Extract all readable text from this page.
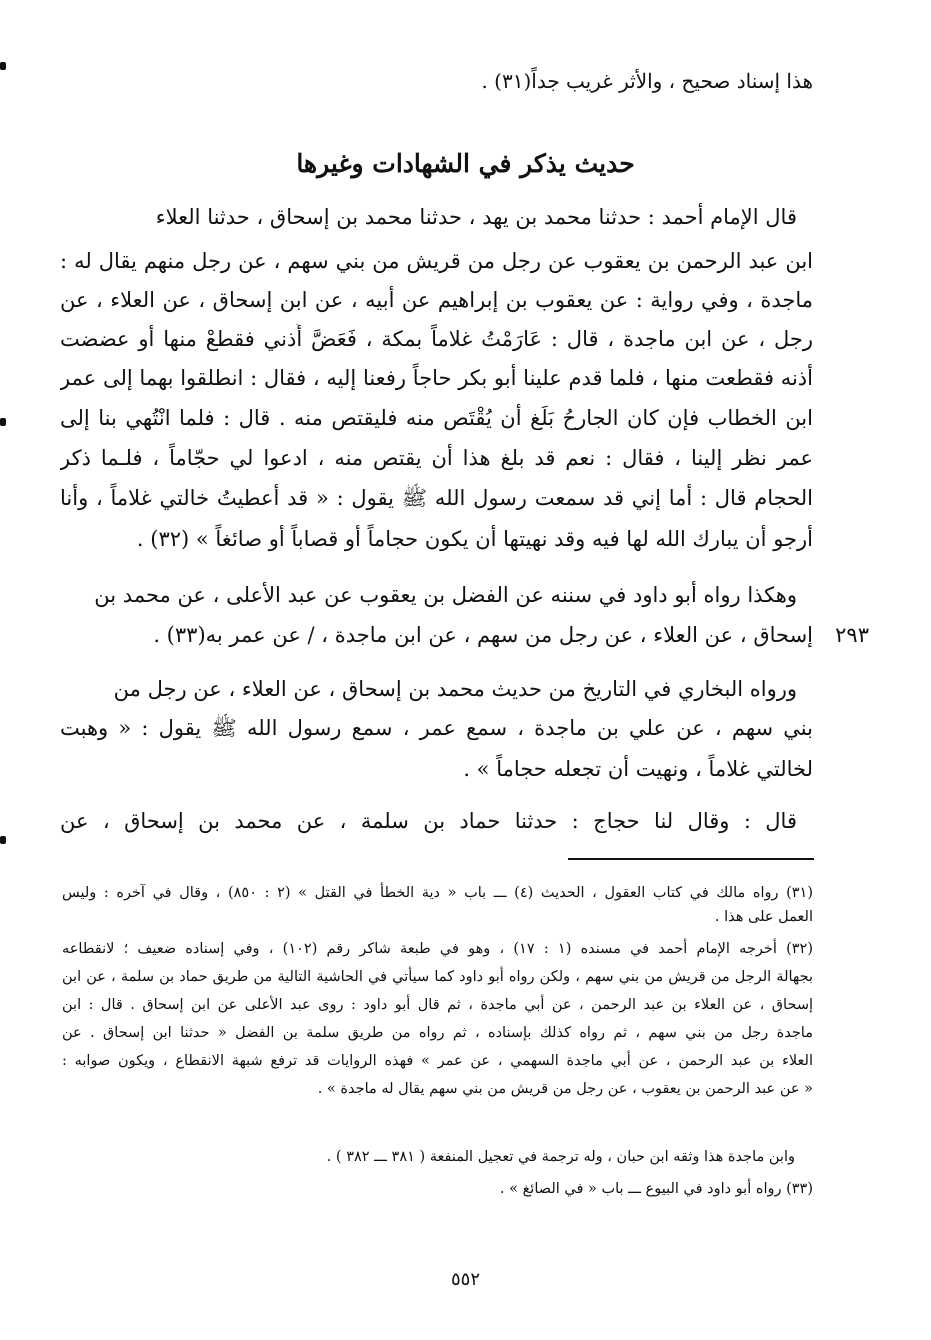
هذا إسناد صحيح ، والأثر غريب جداً(٣١) .
حديث يذكر في الشهادات وغيرها
قال الإمام أحمد : حدثنا محمد بن يهد ، حدثنا محمد بن إسحاق ، حدثنا العلاء
ابن عبد الرحمن بن يعقوب عن رجل من قريش من بني سهم ، عن رجل منهم يقال له :
ماجدة ، وفي رواية : عن يعقوب بن إبراهيم عن أبيه ، عن ابن إسحاق ، عن العلاء ، عن
رجل ، عن ابن ماجدة ، قال : عَارَمْتُ غلاماً بمكة ، فَعَضَّ أُذني فقطعْ منها أو عضضت
أذنه فقطعت منها ، فلما قدم علينا أبو بكر حاجاً رفعنا إليه ، فقال : انطلقوا بهما إلى عمر
ابن الخطاب فإن كان الجارحُ بَلَغ أن يُقْتَص منه فليقتص منه . قال : فلما انْتُهي بنا إلى
عمر نظر إلينا ، فقال : نعم قد بلغ هذا أن يقتص منه ، ادعوا لي حجّاماً ، فلـما ذكر
الحجام قال : أما إني قد سمعت رسول الله ﷺ يقول : « قد أعطيتُ خالتي غلاماً ، وأنا
أرجو أن يبارك الله لها فيه وقد نهيتها أن يكون حجاماً أو قصاباً أو صائغاً » (٣٢) .
وهكذا رواه أبو داود في سننه عن الفضل بن يعقوب عن عبد الأعلى ، عن محمد بن
٢٩٣
إسحاق ، عن العلاء ، عن رجل من سهم ، عن ابن ماجدة ، / عن عمر به(٣٣) .
ورواه البخاري في التاريخ من حديث محمد بن إسحاق ، عن العلاء ، عن رجل من
بني سهم ، عن علي بن ماجدة ، سمع عمر ، سمع رسول الله ﷺ يقول : « وهبت
لخالتي غلاماً ، ونهيت أن تجعله حجاماً » .
قال : وقال لنا حجاج : حدثنا حماد بن سلمة ، عن محمد بن إسحاق ، عن
(٣١) رواه مالك في كتاب العقول ، الحديث (٤) ـــ باب « دية الخطأ في القتل » (٢ : ٨٥٠) ، وقال في آخره : وليس
العمل على هذا .
(٣٢) أخرجه الإمام أحمد في مسنده (١ : ١٧) ، وهو في طبعة شاكر رقم (١٠٢) ، وفي إسناده ضعيف ؛ لانقطاعه
بجهالة الرجل من قريش من بني سهم ، ولكن رواه أبو داود كما سيأتي في الحاشية التالية من طريق حماد بن سلمة ، عن ابن
إسحاق ، عن العلاء بن عبد الرحمن ، عن أبي ماجدة ، ثم قال أبو داود : روى عبد الأعلى عن ابن إسحاق . قال : ابن
ماجدة رجل من بني سهم ، ثم رواه كذلك بإسناده ، ثم رواه من طريق سلمة بن الفضل « حدثنا ابن إسحاق . عن
العلاء بن عبد الرحمن ، عن أبي ماجدة السهمي ، عن عمر » فهذه الروايات قد ترفع شبهة الانقطاع ، ويكون صوابه :
« عن عبد الرحمن بن يعقوب ، عن رجل من قريش من بني سهم يقال له ماجدة » .
وابن ماجدة هذا وثقه ابن حبان ، وله ترجمة في تعجيل المنفعة ( ٣٨١ ـــ ٣٨٢ ) .
(٣٣) رواه أبو داود في البيوع ـــ باب « في الصائغ » .
٥٥٢
